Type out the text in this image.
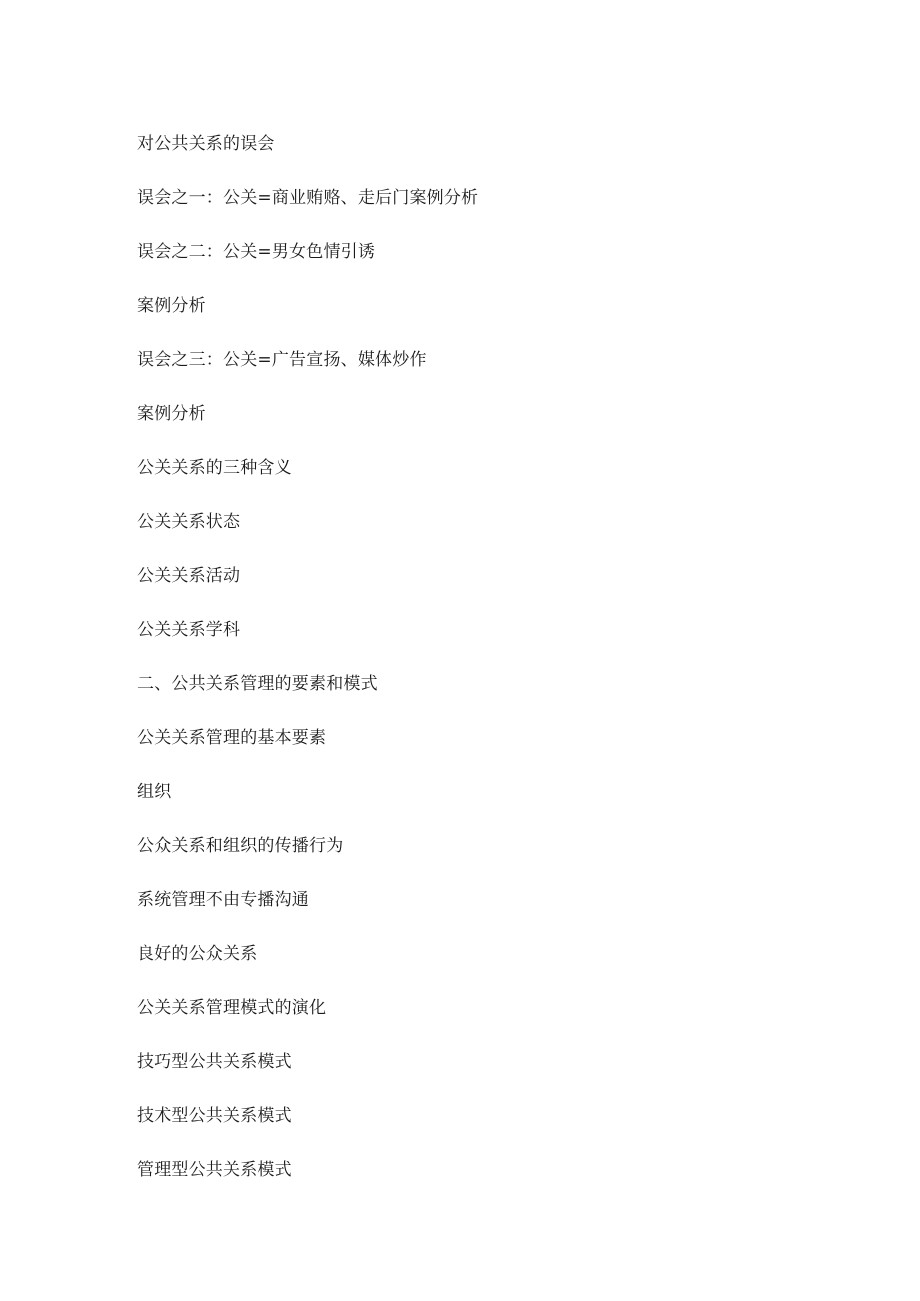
对公共关系的误会
误会之一：公关=商业贿赂、走后门案例分析
误会之二：公关=男女色情引诱
案例分析
误会之三：公关=广告宣扬、媒体炒作
案例分析
公关关系的三种含义
公关关系状态
公关关系活动
公关关系学科
二、公共关系管理的要素和模式
公关关系管理的基本要素
组织
公众关系和组织的传播行为
系统管理不由专播沟通
良好的公众关系
公关关系管理模式的演化
技巧型公共关系模式
技术型公共关系模式
管理型公共关系模式
